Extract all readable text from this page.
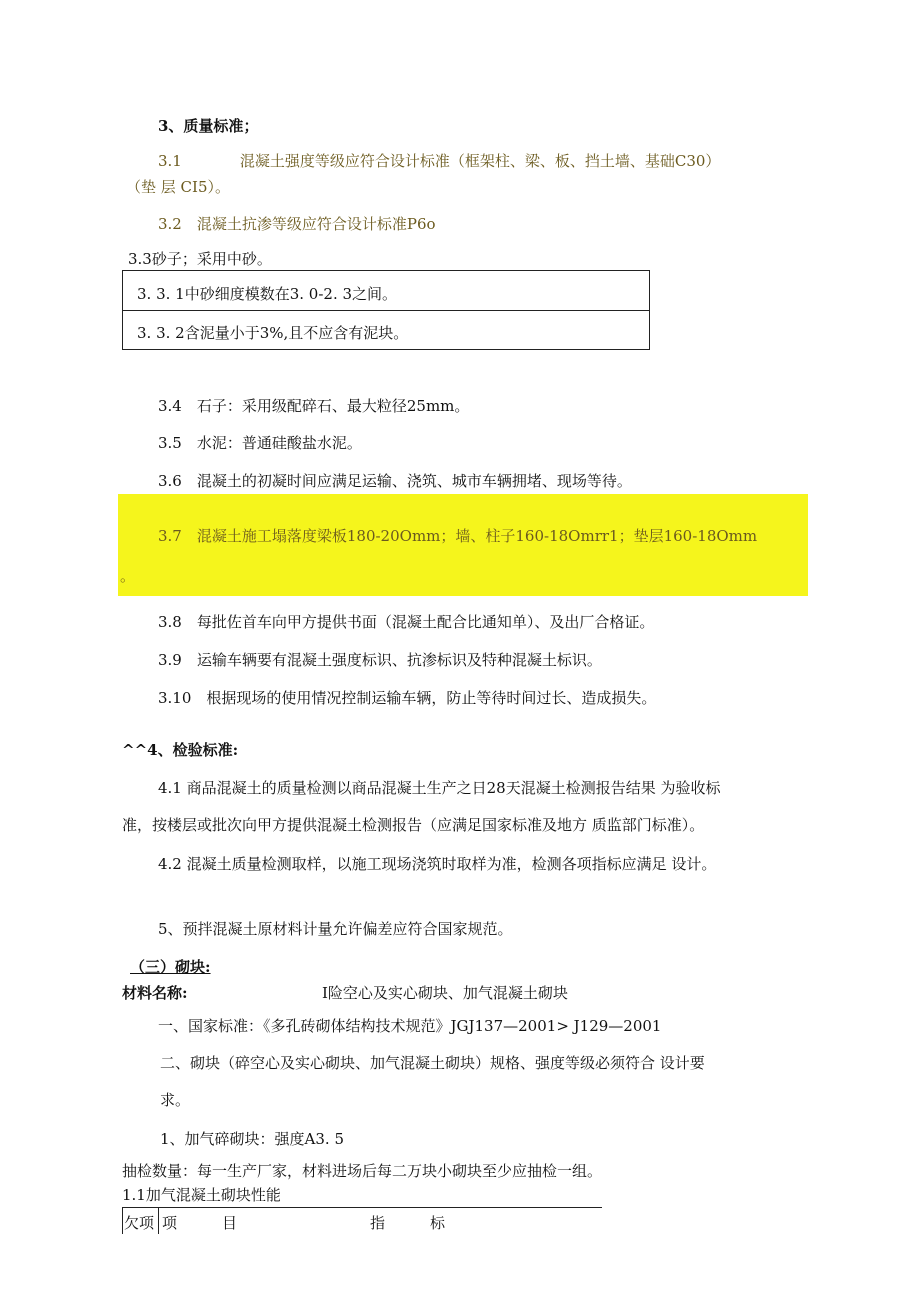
3、质量标准；
3.1	混凝土强度等级应符合设计标准（框架柱、梁、板、挡土墙、基础C30）
（垫 层 CI5）。
3.2　混凝土抗渗等级应符合设计标准P6o
3.3砂子；采用中砂。
3. 3. 1中砂细度模数在3. 0-2. 3之间。
3. 3. 2含泥量小于3%,且不应含有泥块。
3.4　石子：采用级配碎石、最大粒径25mm。
3.5　水泥：普通硅酸盐水泥。
3.6　混凝土的初凝时间应满足运输、浇筑、城市车辆拥堵、现场等待。
3.7　混凝土施工塌落度梁板180-20Omm；墙、柱子160-18Omrr1；垫层160-18Omm
。
3.8　每批佐首车向甲方提供书面（混凝土配合比通知单）、及出厂合格证。
3.9　运输车辆要有混凝土强度标识、抗渗标识及特种混凝土标识。
3.10　根据现场的使用情况控制运输车辆，防止等待时间过长、造成损失。
^^4、检验标准:
4.1 商品混凝土的质量检测以商品混凝土生产之日28天混凝土检测报告结果 为验收标
准，按楼层或批次向甲方提供混凝土检测报告（应满足国家标准及地方 质监部门标准）。
4.2 混凝土质量检测取样，以施工现场浇筑时取样为准，检测各项指标应满足 设计。
5、预拌混凝土原材料计量允许偏差应符合国家规范。
（三）砌块:
材料名称:	I险空心及实心砌块、加气混凝土砌块
一、国家标准：《多孔砖砌体结构技术规范》JGJ137—2001> J129—2001
二、砌块（碎空心及实心砌块、加气混凝土砌块）规格、强度等级必须符合 设计要
求。
1、加气碎砌块：强度A3. 5
抽检数量：每一生产厂家，材料进场后每二万块小砌块至少应抽检一组。
1.1加气混凝土砌块性能
欠项 项　　　目	指　　　标
